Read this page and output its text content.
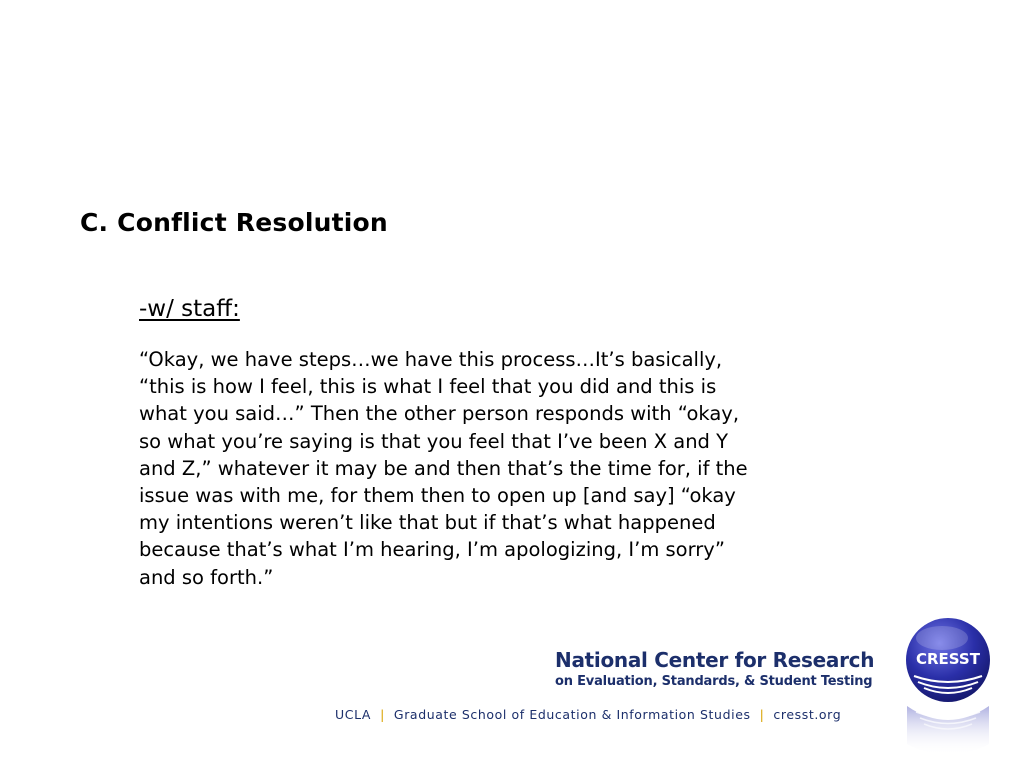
C. Conflict Resolution
-w/ staff:
“Okay, we have steps…we have this process…It’s basically,
“this is how I feel, this is what I feel that you did and this is
what you said…” Then the other person responds with “okay,
so what you’re saying is that you feel that I’ve been X and Y
and Z,” whatever it may be and then that’s the time for, if the
issue was with me, for them then to open up [and say] “okay
my intentions weren’t like that but if that’s what happened
because that’s what I’m hearing, I’m apologizing, I’m sorry”
and so forth.”
National Center for Research
on Evaluation, Standards, & Student Testing
UCLA | Graduate School of Education & Information Studies | cresst.org
CRESST
